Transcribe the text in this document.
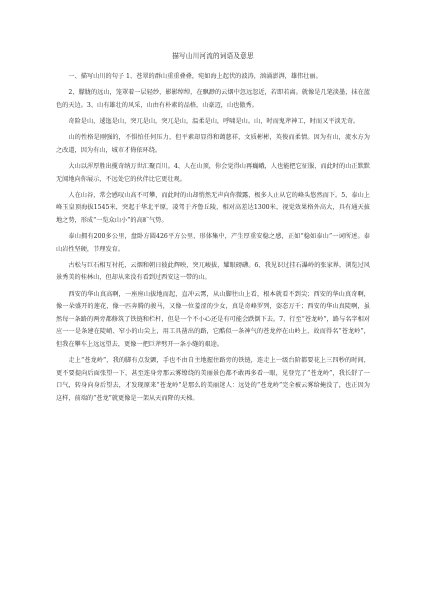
描写山川河流的词语及意思

一、描写山川的句子 1、苍翠的群山重重叠叠，宛如海上起伏的波涛，汹涌澎湃，雄伟壮丽。

2、朦胧的远山，笼罩着一层轻纱，影影绰绰，在飘渺的云烟中忽远忽近，若即若离。就像是几笔淡墨，抹在蓝色的天边。3、山有雄壮的风采，山由有朴素的品格，山豪迈，山也傲秀。

奇险是山，逶迤是山，突兀是山，突兀是山，温柔是山，呼啸是山。山，时而鬼斧神工，时而又平淡无奇。

山的性格是刚强的，不惧怕任何压力，但平素却显得和蔼慈祥，文质彬彬，英俊而柔情。因为有山，流水方为之改道，因为有山，城市才倚依环绕。

大山以浑厚胜出揽奇纳万世汇聚百川。4、人在山顶，你会觉得山再巍峨，人也能把它征服，而此时的山正默默无闻地向你展示，不远处它的伙伴比它更壮观。

人在山谷，常会感叹山高不可攀，而此时的山却悄然无声向你微露，极多人止从它的峰头悠然而下。5、泰山上峰玉皇顶海拔1545米，突起于华北平原，凌驾于齐鲁丘陵，相对高差达1300米，视觉效果格外高大，具有通天拔地之势，形成“一览众山小”的高旷气势。

泰山拥有200多公里，盘卧方圆426平方公里，形体集中，产生厚重安稳之感，正如“稳如泰山”一词所述。泰山岩性坚硬，节理发育。

古松与巨石相互衬托，云烟和朝日彼此辉映，突兀峻拔，耀眼磅礴。6、我见识过挂石瀑岭的张家界，浏览过风景秀美的桂林山，但却从来没有看到过西安这一带的山。

西安的华山真高啊，一座座山拔地而起，直冲云霄，从山脚往山上看，根本就看不到尖；西安的华山真奇啊，像一朵盛开的莲花，像一匹奔腾的骏马，又像一位羞涩的少女，真是奇峰罗列，姿态万千；西安的华山真陡啊，虽然每一条路的两旁都修筑了铁链和栏杆，但是一个不小心还是有可能会跌倒下去。7、行至“苍龙岭”，路与名字相对应一一是条建在陡峭、窄小的山尖上，用工具凿出的路，它酷似一条神气的苍龙停在山岭上，故而得名“苍龙岭”，但我在攀车上远远望去，更像一把巨斧劈开一条小缝的艰途。

走上“苍龙岭”，我的脚有点发颤，手也不由自主地握住路旁的铁链，连走上一级台阶都要花上三四秒的时间，更不要提向后面张望一下，甚至连身旁那云雾缭绕的美丽景色都不敢再多看一眼，见登完了“苍龙岭”，我长舒了一口气，转身向身后望去，才发现原来“苍龙岭”是那么的美丽迷人：远处的“苍龙岭”完全被云雾给掩没了，也正因为这样，前端的“苍龙”就更像是一架从天而降的天梯。
